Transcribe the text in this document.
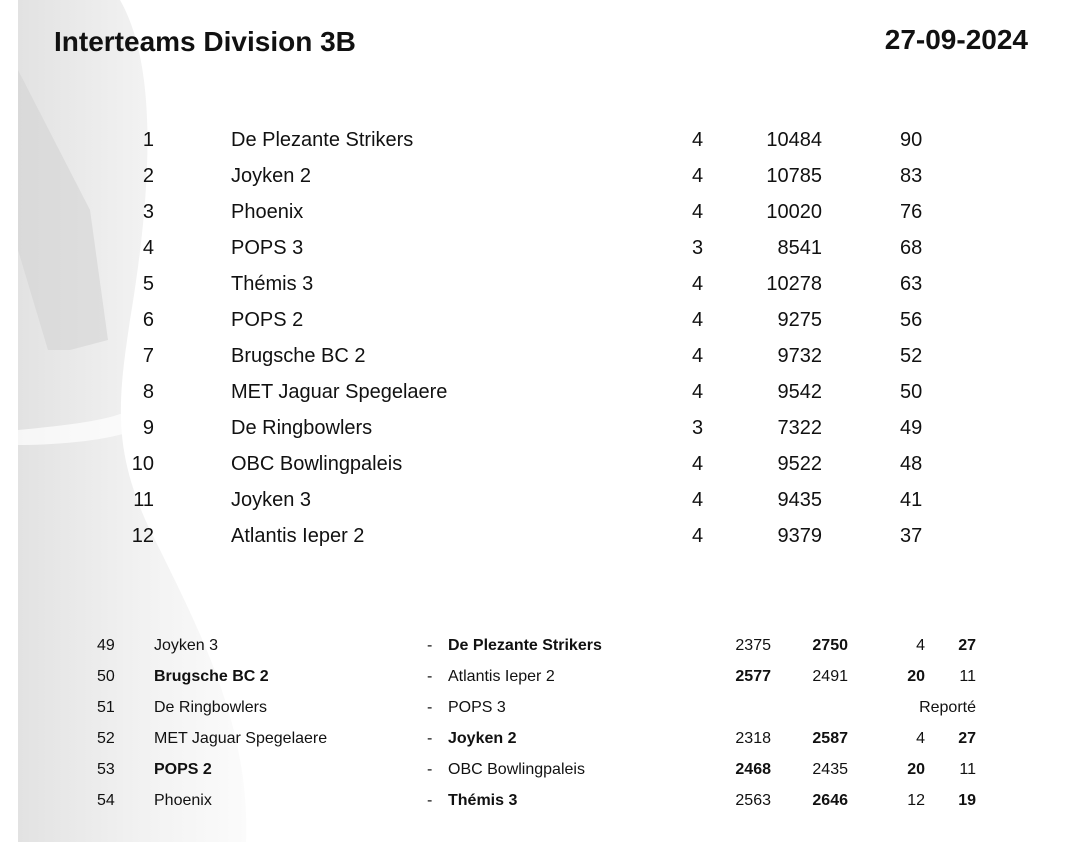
Interteams Division 3B	27-09-2024
1	De Plezante Strikers	4	10484	90
2	Joyken 2	4	10785	83
3	Phoenix	4	10020	76
4	POPS 3	3	8541	68
5	Thémis 3	4	10278	63
6	POPS 2	4	9275	56
7	Brugsche BC 2	4	9732	52
8	MET Jaguar Spegelaere	4	9542	50
9	De Ringbowlers	3	7322	49
10	OBC Bowlingpaleis	4	9522	48
11	Joyken 3	4	9435	41
12	Atlantis Ieper 2	4	9379	37
49 Joyken 3	- De Plezante Strikers	2375	2750	4 27
50 Brugsche BC 2	- Atlantis Ieper 2	2577	2491	20 11
51 De Ringbowlers	- POPS 3	Reporté
52 MET Jaguar Spegelaere	- Joyken 2	2318	2587	4 27
53 POPS 2	- OBC Bowlingpaleis	2468	2435	20 11
54 Phoenix	- Thémis 3	2563	2646	12 19
